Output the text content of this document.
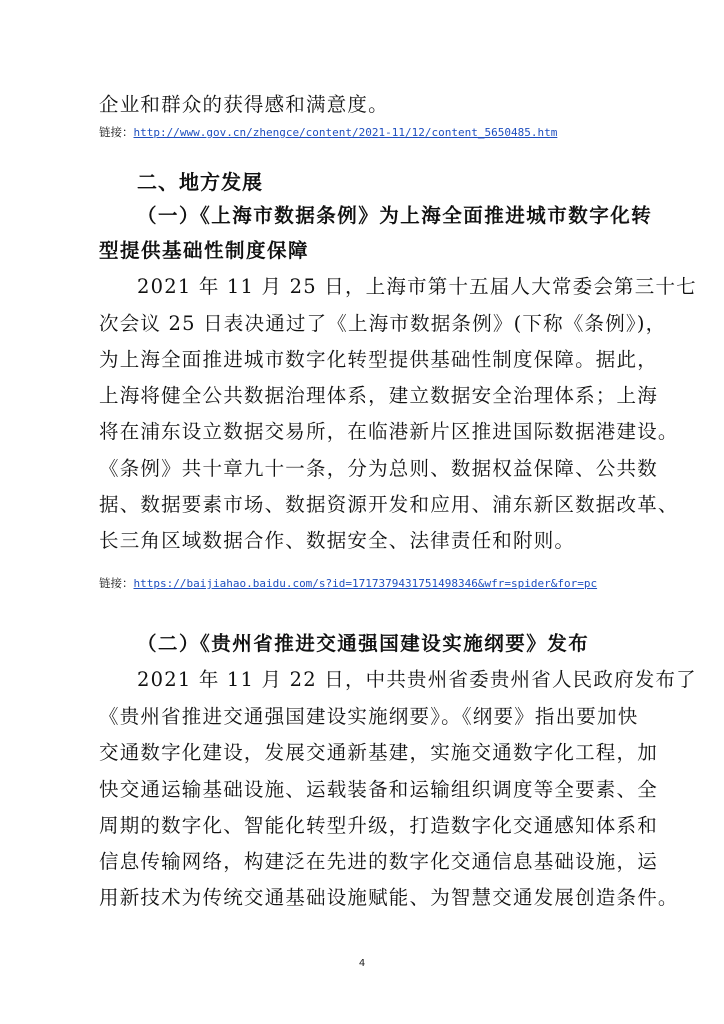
企业和群众的获得感和满意度。
链接：http://www.gov.cn/zhengce/content/2021-11/12/content_5650485.htm
二、地方发展
（一）《上海市数据条例》为上海全面推进城市数字化转
型提供基础性制度保障
2021 年 11 月 25 日，上海市第十五届人大常委会第三十七
次会议 25 日表决通过了《上海市数据条例》(下称《条例》)，
为上海全面推进城市数字化转型提供基础性制度保障。据此，
上海将健全公共数据治理体系，建立数据安全治理体系；上海
将在浦东设立数据交易所，在临港新片区推进国际数据港建设。
《条例》共十章九十一条，分为总则、数据权益保障、公共数
据、数据要素市场、数据资源开发和应用、浦东新区数据改革、
长三角区域数据合作、数据安全、法律责任和附则。
链接：https://baijiahao.baidu.com/s?id=1717379431751498346&wfr=spider&for=pc
（二）《贵州省推进交通强国建设实施纲要》发布
2021 年 11 月 22 日，中共贵州省委贵州省人民政府发布了
《贵州省推进交通强国建设实施纲要》。《纲要》指出要加快
交通数字化建设，发展交通新基建，实施交通数字化工程，加
快交通运输基础设施、运载装备和运输组织调度等全要素、全
周期的数字化、智能化转型升级，打造数字化交通感知体系和
信息传输网络，构建泛在先进的数字化交通信息基础设施，运
用新技术为传统交通基础设施赋能、为智慧交通发展创造条件。
4
